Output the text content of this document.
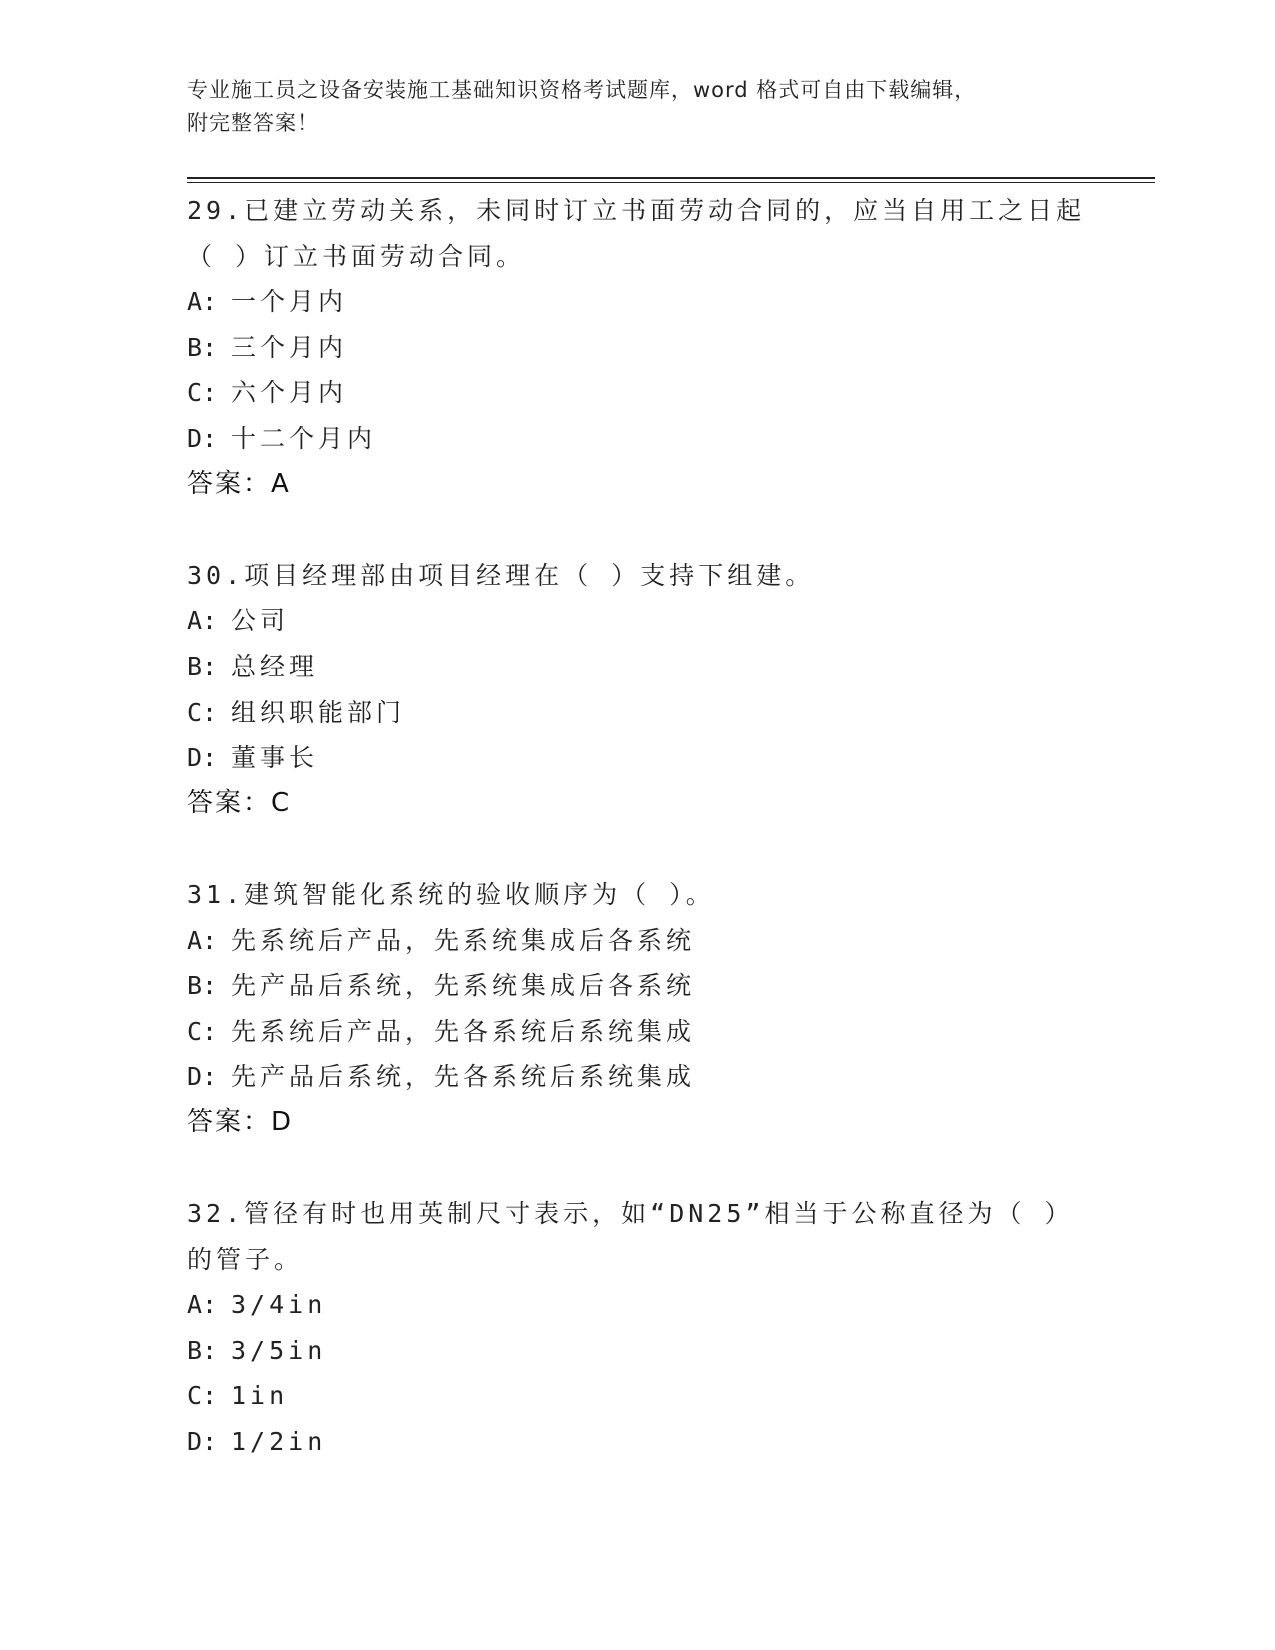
专业施工员之设备安装施工基础知识资格考试题库，word 格式可自由下载编辑，
附完整答案！
29.已建立劳动关系，未同时订立书面劳动合同的，应当自用工之日起
（ ）订立书面劳动合同。
A: 一个月内
B: 三个月内
C: 六个月内
D: 十二个月内
答案：A
30.项目经理部由项目经理在（ ）支持下组建。
A: 公司
B: 总经理
C: 组织职能部门
D: 董事长
答案：C
31.建筑智能化系统的验收顺序为（ ）。
A: 先系统后产品，先系统集成后各系统
B: 先产品后系统，先系统集成后各系统
C: 先系统后产品，先各系统后系统集成
D: 先产品后系统，先各系统后系统集成
答案：D
32.管径有时也用英制尺寸表示，如“DN25”相当于公称直径为（ ）
的管子。
A: 3/4in
B: 3/5in
C: 1in
D: 1/2in
